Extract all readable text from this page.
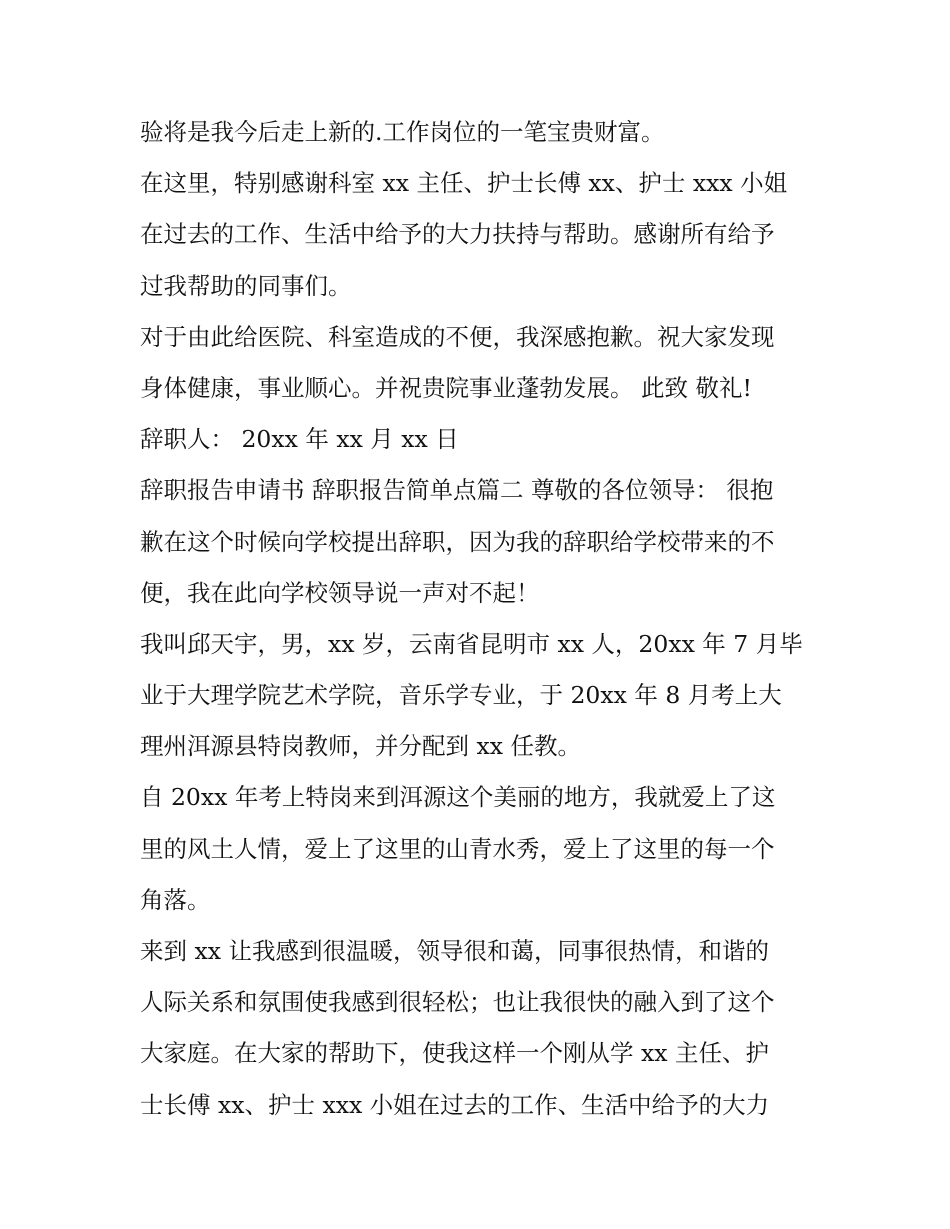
验将是我今后走上新的.工作岗位的一笔宝贵财富。
在这里，特别感谢科室 xx 主任、护士长傅 xx、护士 xxx 小姐
在过去的工作、生活中给予的大力扶持与帮助。感谢所有给予
过我帮助的同事们。
对于由此给医院、科室造成的不便，我深感抱歉。祝大家发现
身体健康，事业顺心。并祝贵院事业蓬勃发展。 此致 敬礼!
辞职人： 20xx 年 xx 月 xx 日
辞职报告申请书 辞职报告简单点篇二 尊敬的各位领导： 很抱
歉在这个时候向学校提出辞职，因为我的辞职给学校带来的不
便，我在此向学校领导说一声对不起！
我叫邱天宇，男，xx 岁，云南省昆明市 xx 人，20xx 年 7 月毕
业于大理学院艺术学院，音乐学专业，于 20xx 年 8 月考上大
理州洱源县特岗教师，并分配到 xx 任教。
自 20xx 年考上特岗来到洱源这个美丽的地方，我就爱上了这
里的风土人情，爱上了这里的山青水秀，爱上了这里的每一个
角落。
来到 xx 让我感到很温暖，领导很和蔼，同事很热情，和谐的
人际关系和氛围使我感到很轻松；也让我很快的融入到了这个
大家庭。在大家的帮助下，使我这样一个刚从学 xx 主任、护
士长傅 xx、护士 xxx 小姐在过去的工作、生活中给予的大力
